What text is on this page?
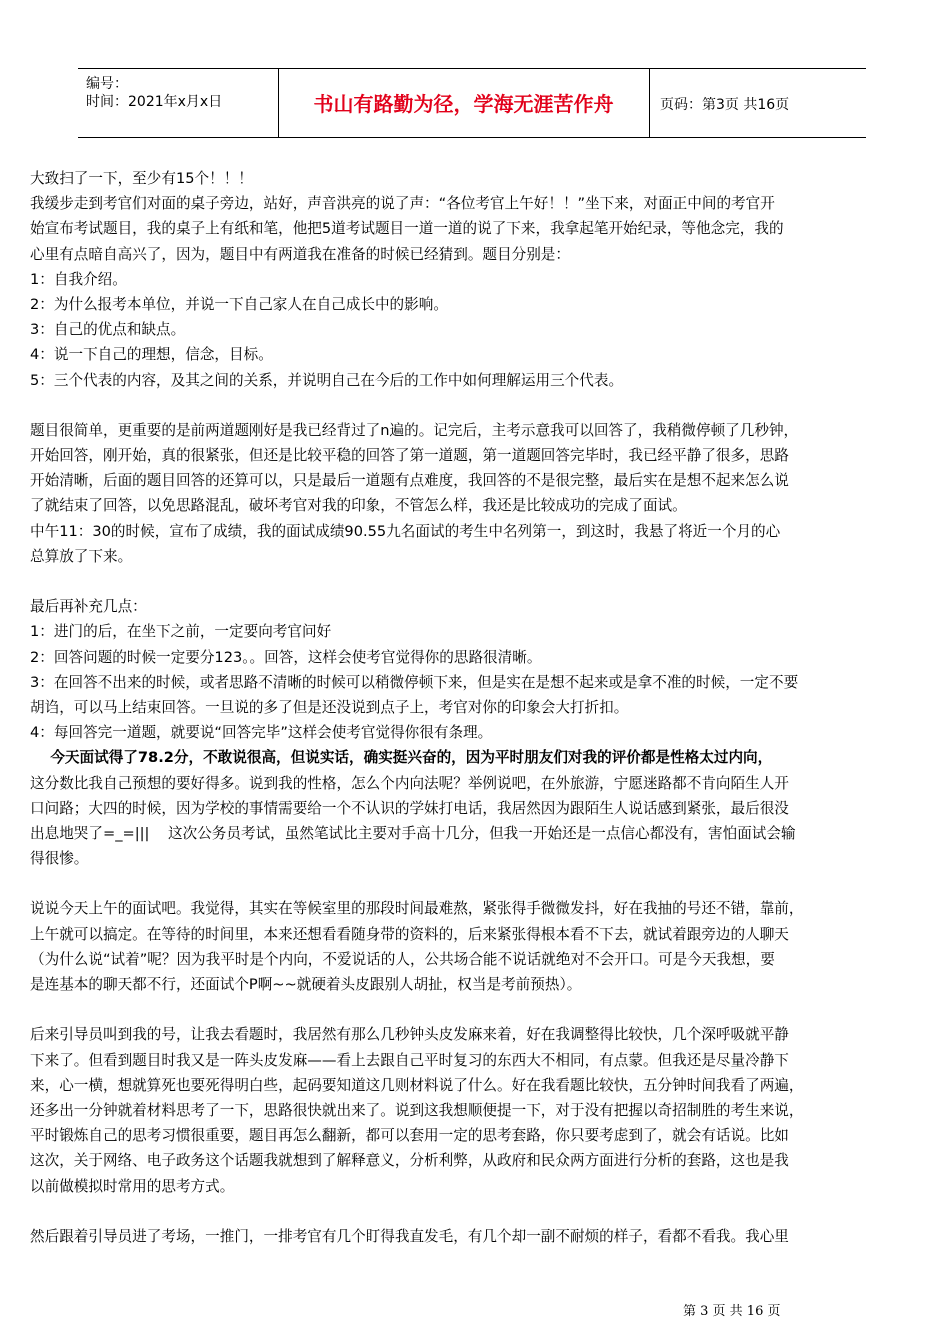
编号：
时间：2021年x月x日	书山有路勤为径，学海无涯苦作舟	页码：第3页 共16页
大致扫了一下，至少有15个！！！
我缓步走到考官们对面的桌子旁边，站好，声音洪亮的说了声：“各位考官上午好！！”坐下来，对面正中间的考官开
始宣布考试题目，我的桌子上有纸和笔，他把5道考试题目一道一道的说了下来，我拿起笔开始纪录，等他念完，我的
心里有点暗自高兴了，因为，题目中有两道我在准备的时候已经猜到。题目分别是：
1：自我介绍。
2：为什么报考本单位，并说一下自己家人在自己成长中的影响。
3：自己的优点和缺点。
4：说一下自己的理想，信念，目标。
5：三个代表的内容，及其之间的关系，并说明自己在今后的工作中如何理解运用三个代表。
题目很简单，更重要的是前两道题刚好是我已经背过了n遍的。记完后，主考示意我可以回答了，我稍微停顿了几秒钟，
开始回答，刚开始，真的很紧张，但还是比较平稳的回答了第一道题，第一道题回答完毕时，我已经平静了很多，思路
开始清晰，后面的题目回答的还算可以，只是最后一道题有点难度，我回答的不是很完整，最后实在是想不起来怎么说
了就结束了回答，以免思路混乱，破坏考官对我的印象，不管怎么样，我还是比较成功的完成了面试。
中午11：30的时候，宣布了成绩，我的面试成绩90.55九名面试的考生中名列第一，到这时，我悬了将近一个月的心
总算放了下来。
最后再补充几点：
1：进门的后，在坐下之前，一定要向考官问好
2：回答问题的时候一定要分123。。回答，这样会使考官觉得你的思路很清晰。
3：在回答不出来的时候，或者思路不清晰的时候可以稍微停顿下来，但是实在是想不起来或是拿不准的时候，一定不要
胡诌，可以马上结束回答。一旦说的多了但是还没说到点子上，考官对你的印象会大打折扣。
4：每回答完一道题，就要说“回答完毕”这样会使考官觉得你很有条理。
今天面试得了78.2分，不敢说很高，但说实话，确实挺兴奋的，因为平时朋友们对我的评价都是性格太过内向，
这分数比我自己预想的要好得多。说到我的性格，怎么个内向法呢？举例说吧，在外旅游，宁愿迷路都不肯向陌生人开
口问路；大四的时候，因为学校的事情需要给一个不认识的学妹打电话，我居然因为跟陌生人说话感到紧张，最后很没
出息地哭了=_=|||    这次公务员考试，虽然笔试比主要对手高十几分，但我一开始还是一点信心都没有，害怕面试会输
得很惨。
说说今天上午的面试吧。我觉得，其实在等候室里的那段时间最难熬，紧张得手微微发抖，好在我抽的号还不错，靠前，
上午就可以搞定。在等待的时间里，本来还想看看随身带的资料的，后来紧张得根本看不下去，就试着跟旁边的人聊天
（为什么说“试着”呢？因为我平时是个内向，不爱说话的人，公共场合能不说话就绝对不会开口。可是今天我想，要
是连基本的聊天都不行，还面试个P啊~~就硬着头皮跟别人胡扯，权当是考前预热）。
后来引导员叫到我的号，让我去看题时，我居然有那么几秒钟头皮发麻来着，好在我调整得比较快，几个深呼吸就平静
下来了。但看到题目时我又是一阵头皮发麻——看上去跟自己平时复习的东西大不相同，有点蒙。但我还是尽量冷静下
来，心一横，想就算死也要死得明白些，起码要知道这几则材料说了什么。好在我看题比较快，五分钟时间我看了两遍，
还多出一分钟就着材料思考了一下，思路很快就出来了。说到这我想顺便提一下，对于没有把握以奇招制胜的考生来说，
平时锻炼自己的思考习惯很重要，题目再怎么翻新，都可以套用一定的思考套路，你只要考虑到了，就会有话说。比如
这次，关于网络、电子政务这个话题我就想到了解释意义，分析利弊，从政府和民众两方面进行分析的套路，这也是我
以前做模拟时常用的思考方式。
然后跟着引导员进了考场，一推门，一排考官有几个盯得我直发毛，有几个却一副不耐烦的样子，看都不看我。我心里
第 3 页 共 16 页
